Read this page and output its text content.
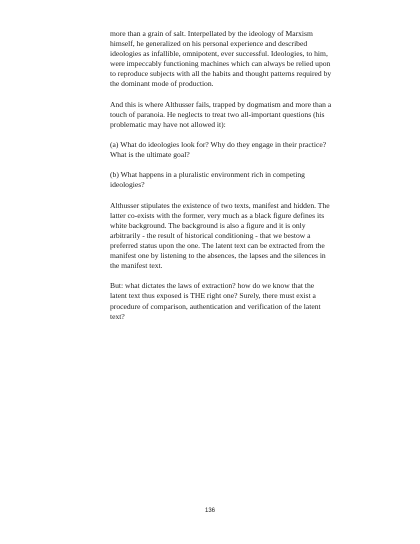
more than a grain of salt. Interpellated by the ideology of Marxism himself, he generalized on his personal experience and described ideologies as infallible, omnipotent, ever successful. Ideologies, to him, were impeccably functioning machines which can always be relied upon to reproduce subjects with all the habits and thought patterns required by the dominant mode of production.

And this is where Althusser fails, trapped by dogmatism and more than a touch of paranoia. He neglects to treat two all-important questions (his problematic may have not allowed it):

(a) What do ideologies look for? Why do they engage in their practice? What is the ultimate goal?

(b) What happens in a pluralistic environment rich in competing ideologies?

Althusser stipulates the existence of two texts, manifest and hidden. The latter co-exists with the former, very much as a black figure defines its white background. The background is also a figure and it is only arbitrarily - the result of historical conditioning - that we bestow a preferred status upon the one. The latent text can be extracted from the manifest one by listening to the absences, the lapses and the silences in the manifest text.

But: what dictates the laws of extraction? how do we know that the latent text thus exposed is THE right one? Surely, there must exist a procedure of comparison, authentication and verification of the latent text?

136
